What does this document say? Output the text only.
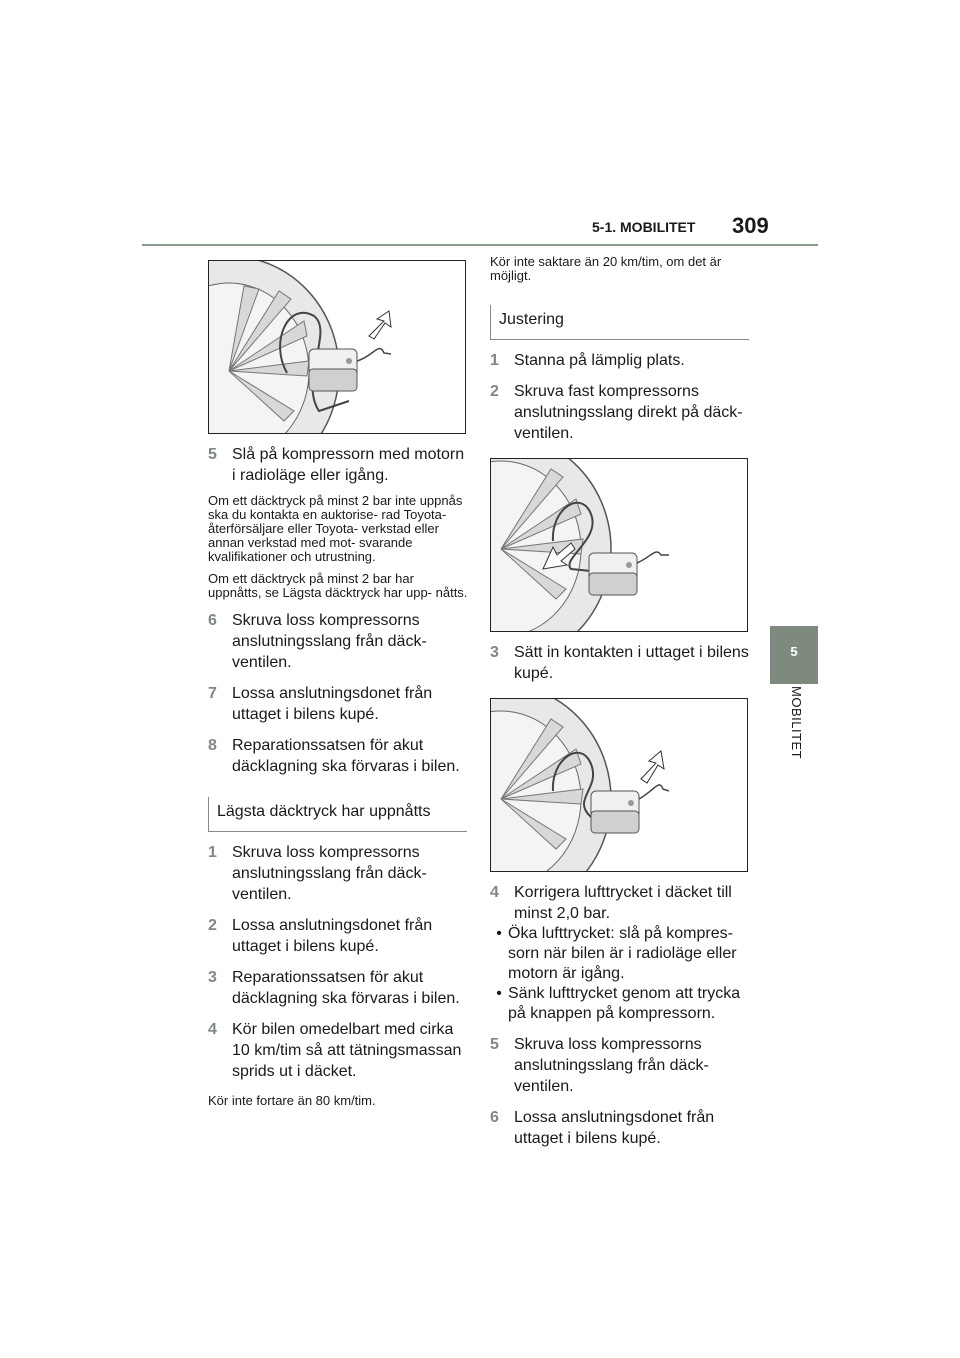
5-1. MOBILITET 309
5
MOBILITET
5 Slå på kompressorn med motorn i radioläge eller igång.
Om ett däcktryck på minst 2 bar inte uppnås ska du kontakta en auktorise- rad Toyota-återförsäljare eller Toyota- verkstad eller annan verkstad med mot- svarande kvalifikationer och utrustning.
Om ett däcktryck på minst 2 bar har uppnåtts, se Lägsta däcktryck har upp- nåtts.
6 Skruva loss kompressorns anslutningsslang från däck- ventilen.
7 Lossa anslutningsdonet från uttaget i bilens kupé.
8 Reparationssatsen för akut däcklagning ska förvaras i bilen.
Lägsta däcktryck har uppnåtts
1 Skruva loss kompressorns anslutningsslang från däck- ventilen.
2 Lossa anslutningsdonet från uttaget i bilens kupé.
3 Reparationssatsen för akut däcklagning ska förvaras i bilen.
4 Kör bilen omedelbart med cirka 10 km/tim så att tätningsmassan sprids ut i däcket.
Kör inte fortare än 80 km/tim.
Kör inte saktare än 20 km/tim, om det är möjligt.
Justering
1 Stanna på lämplig plats.
2 Skruva fast kompressorns anslutningsslang direkt på däck- ventilen.
3 Sätt in kontakten i uttaget i bilens kupé.
4 Korrigera lufttrycket i däcket till minst 2,0 bar.
• Öka lufttrycket: slå på kompres- sorn när bilen är i radioläge eller motorn är igång.
• Sänk lufttrycket genom att trycka på knappen på kompressorn.
5 Skruva loss kompressorns anslutningsslang från däck- ventilen.
6 Lossa anslutningsdonet från uttaget i bilens kupé.
